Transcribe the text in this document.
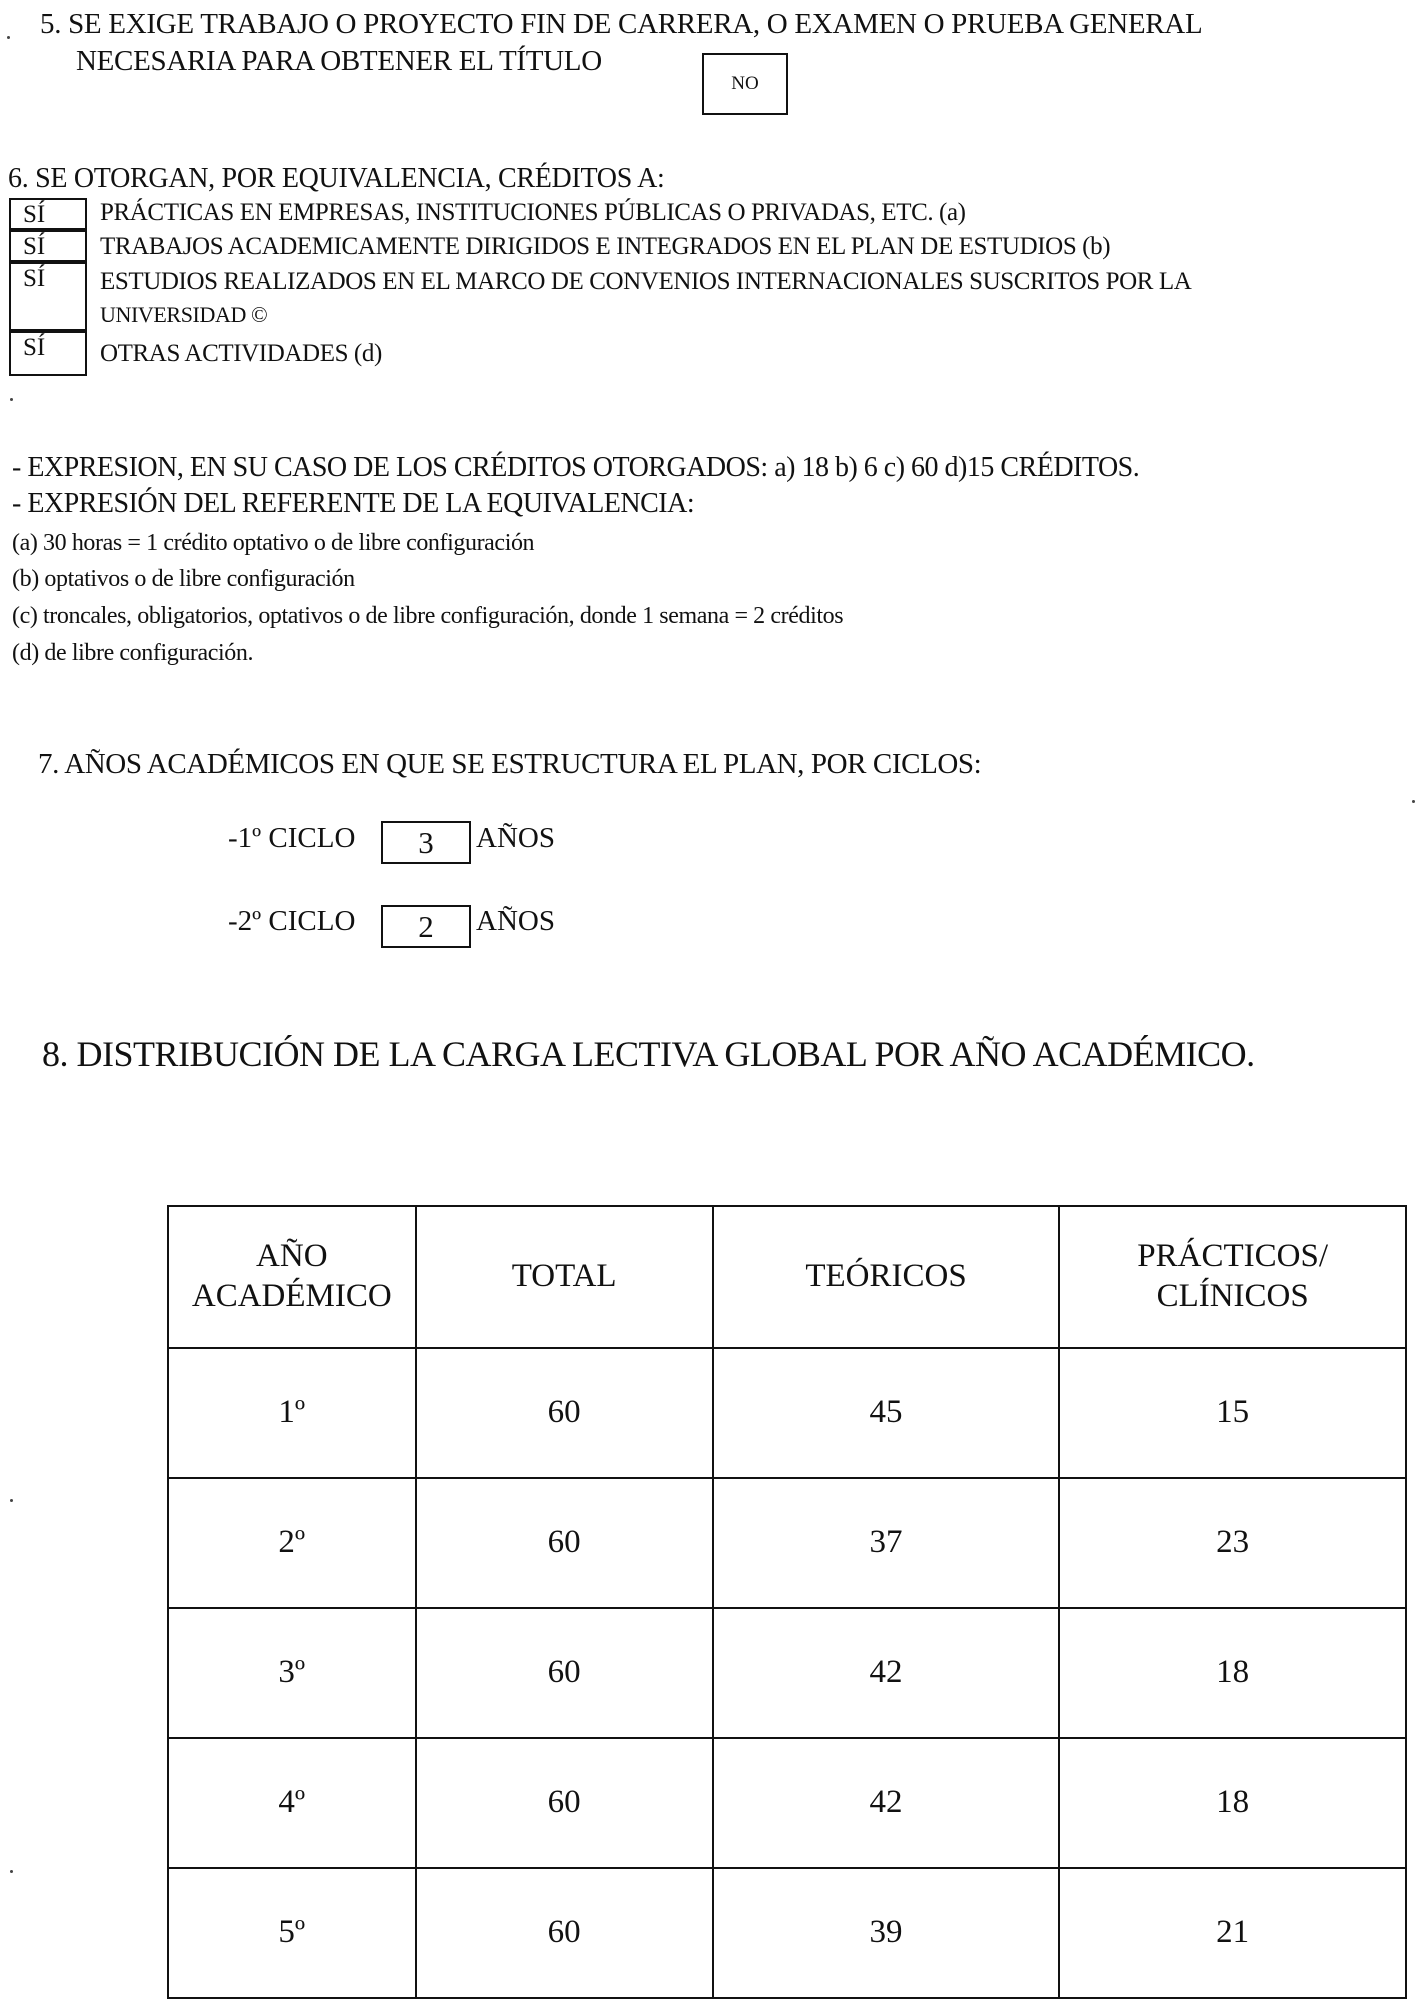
5. SE EXIGE TRABAJO O PROYECTO FIN DE CARRERA, O EXAMEN O PRUEBA GENERAL
NECESARIA PARA OBTENER EL TÍTULO
NO
6. SE OTORGAN, POR EQUIVALENCIA, CRÉDITOS A:
SÍ	PRÁCTICAS EN EMPRESAS, INSTITUCIONES PÚBLICAS O PRIVADAS, ETC. (a)
SÍ	TRABAJOS ACADEMICAMENTE DIRIGIDOS E INTEGRADOS EN EL PLAN DE ESTUDIOS (b)
SÍ	ESTUDIOS REALIZADOS EN EL MARCO DE CONVENIOS INTERNACIONALES SUSCRITOS POR LA
UNIVERSIDAD ©
SÍ	OTRAS ACTIVIDADES (d)
- EXPRESION, EN SU CASO DE LOS CRÉDITOS OTORGADOS: a) 18 b) 6 c) 60 d)15 CRÉDITOS.
- EXPRESIÓN DEL REFERENTE DE LA EQUIVALENCIA:
(a) 30 horas = 1 crédito optativo o de libre configuración
(b) optativos o de libre configuración
(c) troncales, obligatorios, optativos o de libre configuración, donde 1 semana = 2 créditos
(d) de libre configuración.
7. AÑOS ACADÉMICOS EN QUE SE ESTRUCTURA EL PLAN, POR CICLOS:
-1º CICLO 3 AÑOS
-2º CICLO 2 AÑOS
8. DISTRIBUCIÓN DE LA CARGA LECTIVA GLOBAL POR AÑO ACADÉMICO.
AÑO ACADÉMICO	TOTAL	TEÓRICOS	PRÁCTICOS/
CLÍNICOS
1º	60	45	15
2º	60	37	23
3º	60	42	18
4º	60	42	18
5º	60	39	21
